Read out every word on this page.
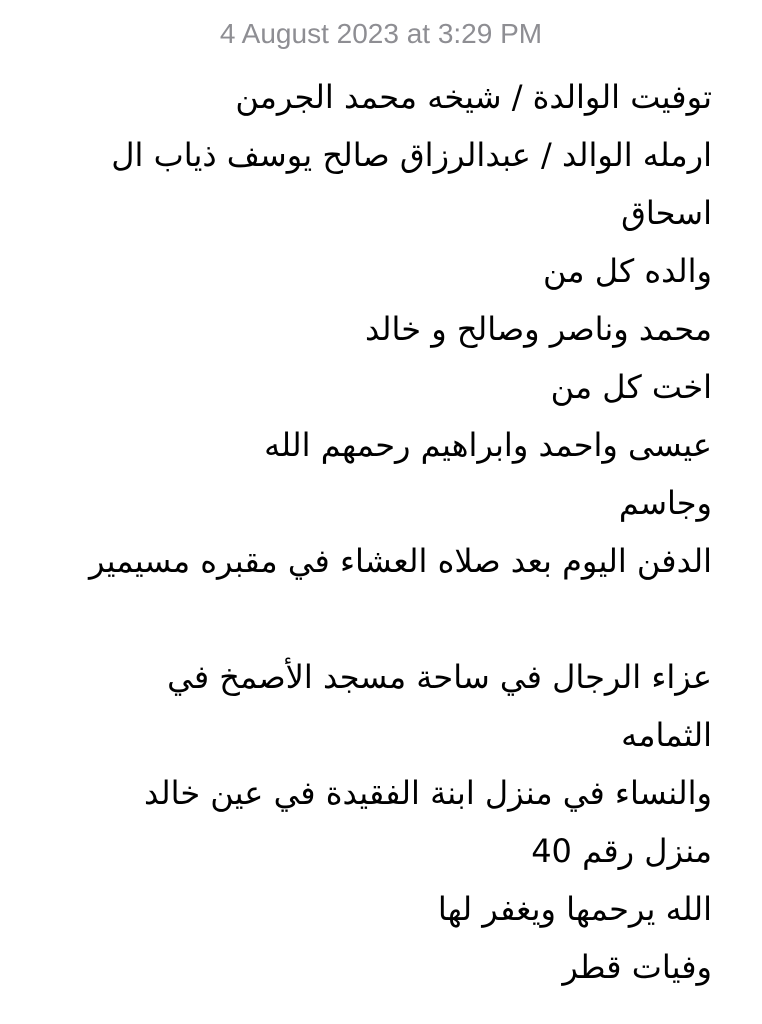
4 August 2023 at 3:29 PM
توفيت الوالدة / شيخه محمد الجرمن
ارمله الوالد / عبدالرزاق صالح يوسف ذياب ال
اسحاق
والده كل من
محمد وناصر وصالح و خالد
اخت كل من
عيسى واحمد وابراهيم رحمهم الله
وجاسم
الدفن اليوم بعد صلاه العشاء في مقبره مسيمير
عزاء الرجال في ساحة مسجد الأصمخ في
الثمامه
والنساء في منزل ابنة الفقيدة في عين خالد
منزل رقم 40
الله يرحمها ويغفر لها
وفيات قطر
